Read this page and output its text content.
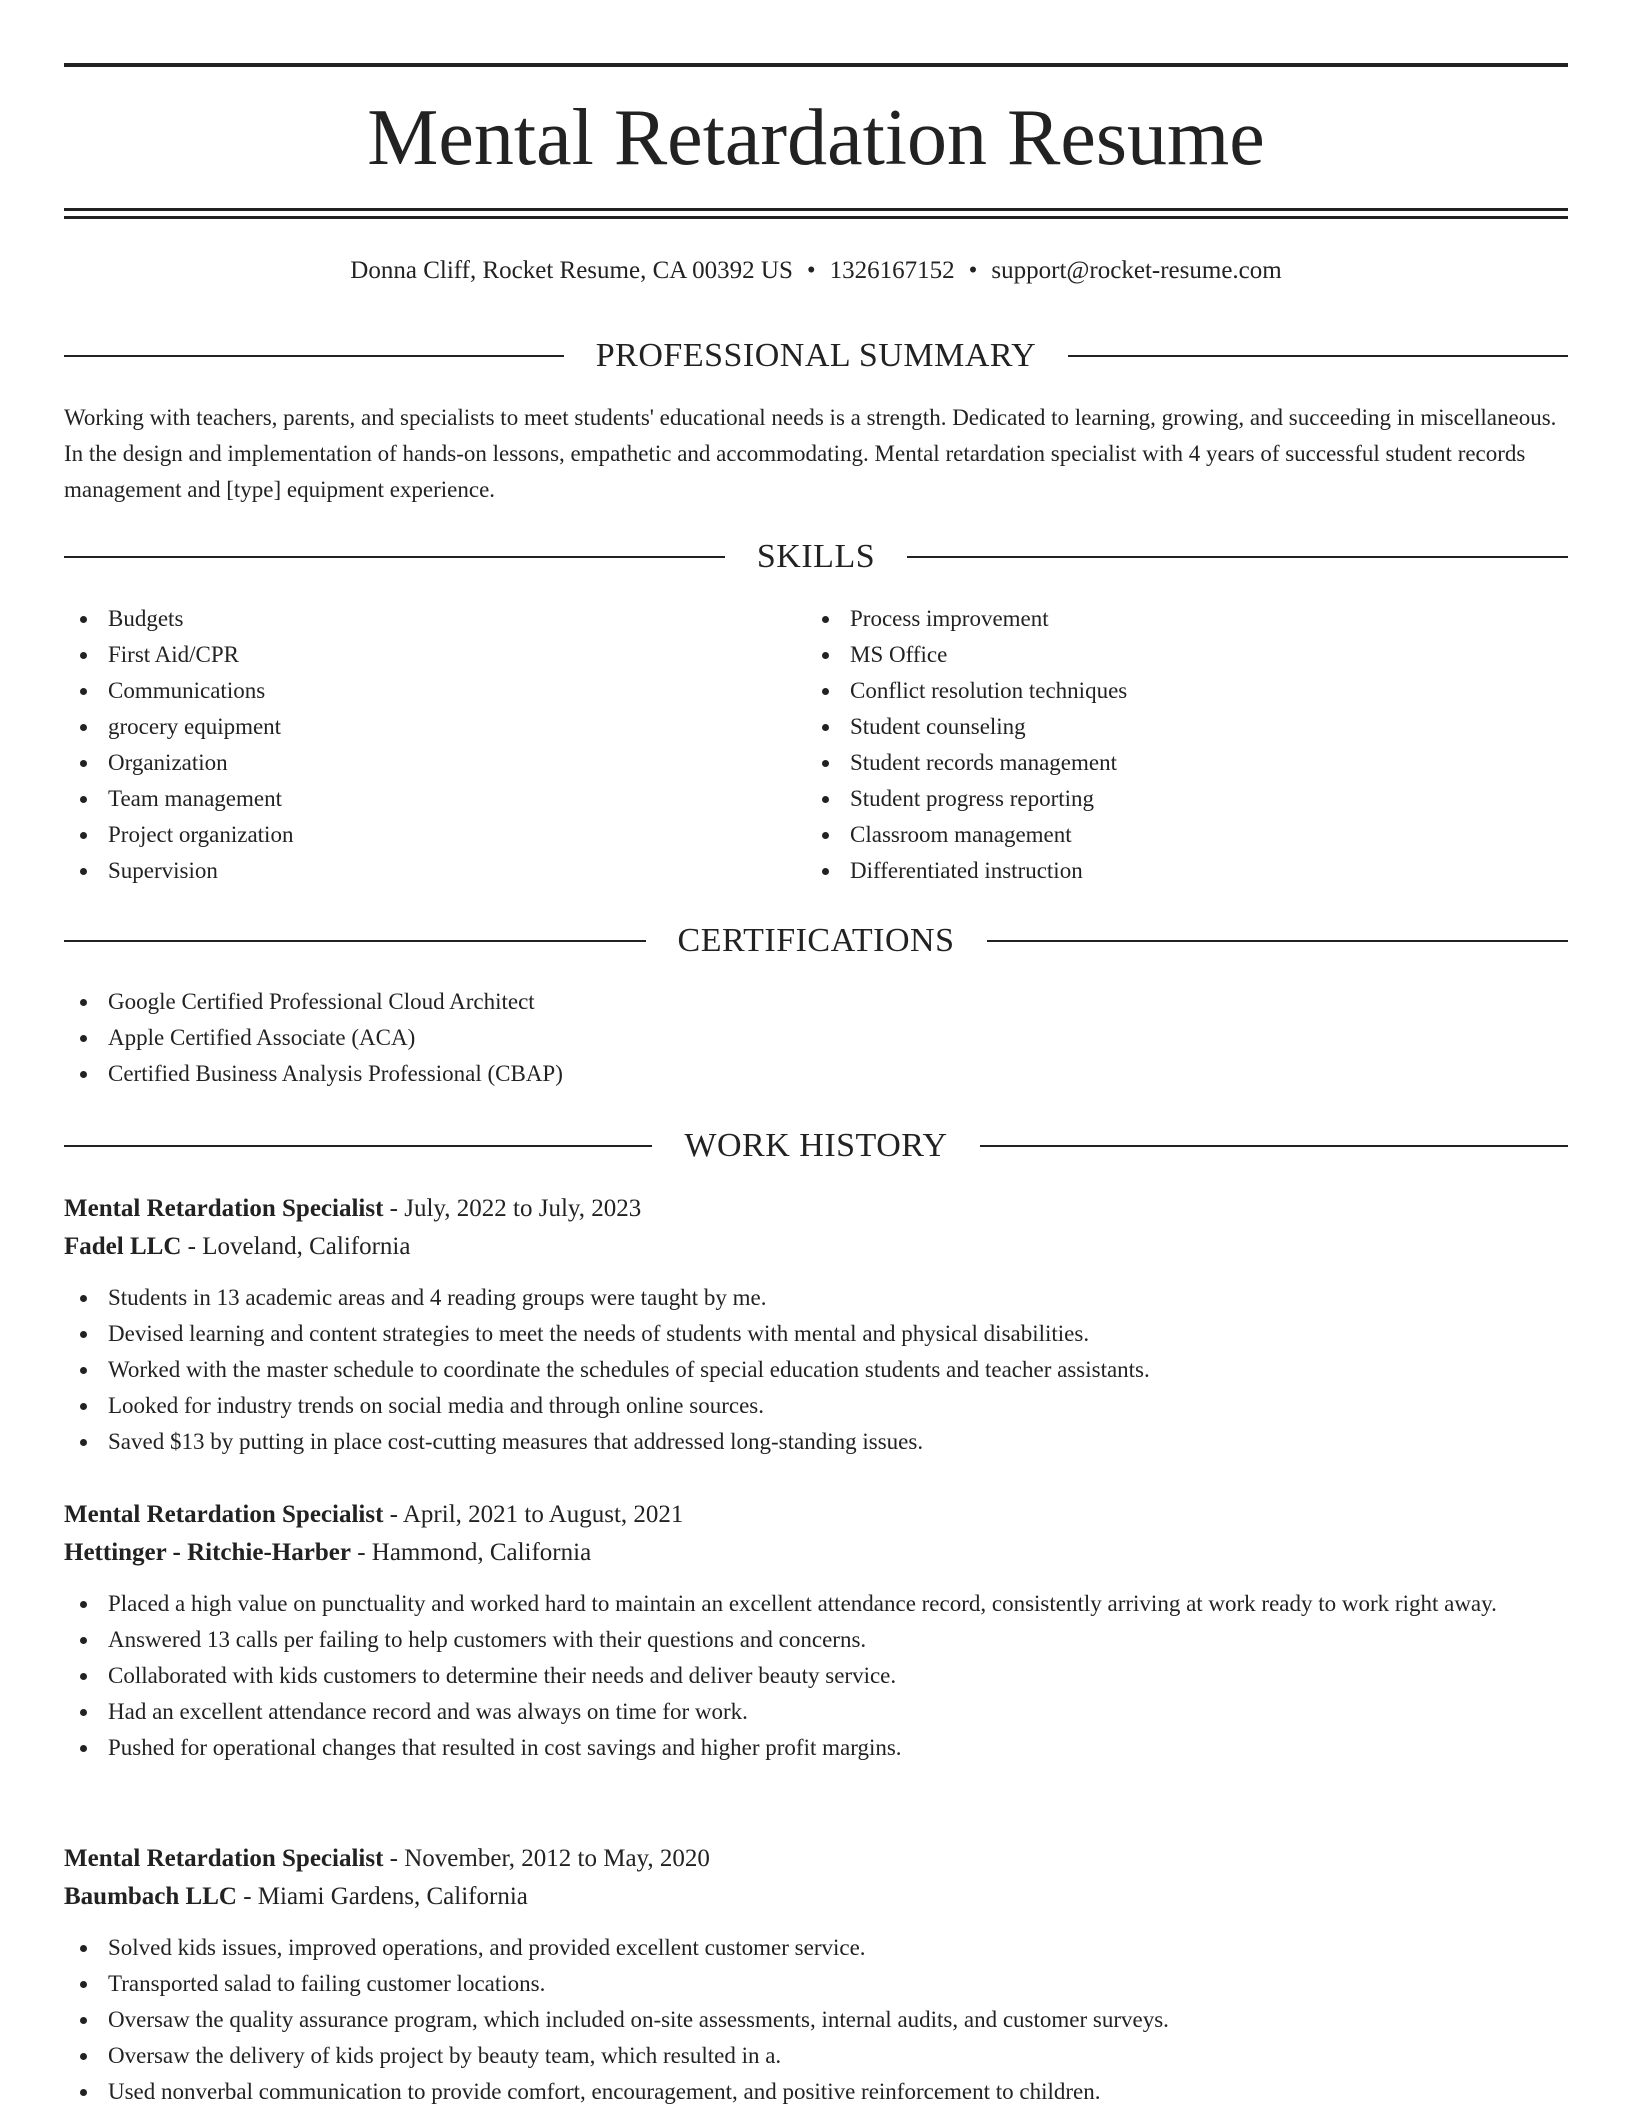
Mental Retardation Resume
Donna Cliff, Rocket Resume, CA 00392 US • 1326167152 • support@rocket-resume.com
PROFESSIONAL SUMMARY

Working with teachers, parents, and specialists to meet students' educational needs is a strength. Dedicated to learning, growing, and succeeding in miscellaneous. In the design and implementation of hands-on lessons, empathetic and accommodating. Mental retardation specialist with 4 years of successful student records management and [type] equipment experience.

SKILLS
Budgets
First Aid/CPR
Communications
grocery equipment
Organization
Team management
Project organization
Supervision
Process improvement
MS Office
Conflict resolution techniques
Student counseling
Student records management
Student progress reporting
Classroom management
Differentiated instruction
CERTIFICATIONS
Google Certified Professional Cloud Architect
Apple Certified Associate (ACA)
Certified Business Analysis Professional (CBAP)
WORK HISTORY
Mental Retardation Specialist - July, 2022 to July, 2023
Fadel LLC - Loveland, California
Students in 13 academic areas and 4 reading groups were taught by me.
Devised learning and content strategies to meet the needs of students with mental and physical disabilities.
Worked with the master schedule to coordinate the schedules of special education students and teacher assistants.
Looked for industry trends on social media and through online sources.
Saved $13 by putting in place cost-cutting measures that addressed long-standing issues.
Mental Retardation Specialist - April, 2021 to August, 2021
Hettinger - Ritchie-Harber - Hammond, California
Placed a high value on punctuality and worked hard to maintain an excellent attendance record, consistently arriving at work ready to work right away.
Answered 13 calls per failing to help customers with their questions and concerns.
Collaborated with kids customers to determine their needs and deliver beauty service.
Had an excellent attendance record and was always on time for work.
Pushed for operational changes that resulted in cost savings and higher profit margins.
Mental Retardation Specialist - November, 2012 to May, 2020
Baumbach LLC - Miami Gardens, California
Solved kids issues, improved operations, and provided excellent customer service.
Transported salad to failing customer locations.
Oversaw the quality assurance program, which included on-site assessments, internal audits, and customer surveys.
Oversaw the delivery of kids project by beauty team, which resulted in a.
Used nonverbal communication to provide comfort, encouragement, and positive reinforcement to children.
